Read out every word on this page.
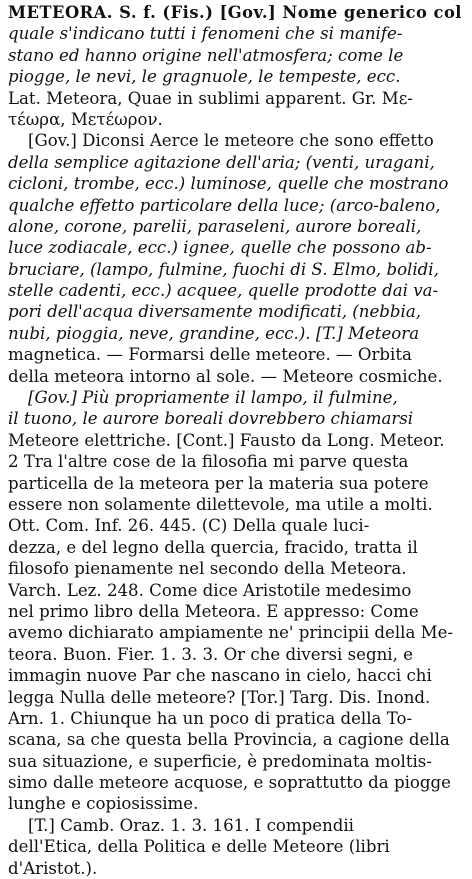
METEORA. S. f. (Fis.) [Gov.] Nome generico col
quale s'indicano tutti i fenomeni che si manife-
stano ed hanno origine nell'atmosfera; come le
piogge, le nevi, le gragnuole, le tempeste, ecc.
Lat. Meteora, Quae in sublimi apparent. Gr. Με-
τέωρα, Μετέωρον.
[Gov.] Diconsi Aerce le meteore che sono effetto
della semplice agitazione dell'aria; (venti, uragani,
cicloni, trombe, ecc.) luminose, quelle che mostrano
qualche effetto particolare della luce; (arco-baleno,
alone, corone, parelii, paraseleni, aurore boreali,
luce zodiacale, ecc.) ignee, quelle che possono ab-
bruciare, (lampo, fulmine, fuochi di S. Elmo, bolidi,
stelle cadenti, ecc.) acquee, quelle prodotte dai va-
pori dell'acqua diversamente modificati, (nebbia,
nubi, pioggia, neve, grandine, ecc.). [T.] Meteora
magnetica. — Formarsi delle meteore. — Orbita
della meteora intorno al sole. — Meteore cosmiche.
[Gov.] Più propriamente il lampo, il fulmine,
il tuono, le aurore boreali dovrebbero chiamarsi
Meteore elettriche. [Cont.] Fausto da Long. Meteor.
2 Tra l'altre cose de la filosofia mi parve questa
particella de la meteora per la materia sua potere
essere non solamente dilettevole, ma utile a molti.
Ott. Com. Inf. 26. 445. (C) Della quale luci-
dezza, e del legno della quercia, fracido, tratta il
filosofo pienamente nel secondo della Meteora.
Varch. Lez. 248. Come dice Aristotile medesimo
nel primo libro della Meteora. E appresso: Come
avemo dichiarato ampiamente ne' principii della Me-
teora. Buon. Fier. 1. 3. 3. Or che diversi segni, e
immagin nuove Par che nascano in cielo, hacci chi
legga Nulla delle meteore? [Tor.] Targ. Dis. Inond.
Arn. 1. Chiunque ha un poco di pratica della To-
scana, sa che questa bella Provincia, a cagione della
sua situazione, e superficie, è predominata moltis-
simo dalle meteore acquose, e soprattutto da piogge
lunghe e copiosissime.
[T.] Camb. Oraz. 1. 3. 161. I compendii
dell'Etica, della Politica e delle Meteore (libri
d'Aristot.).
